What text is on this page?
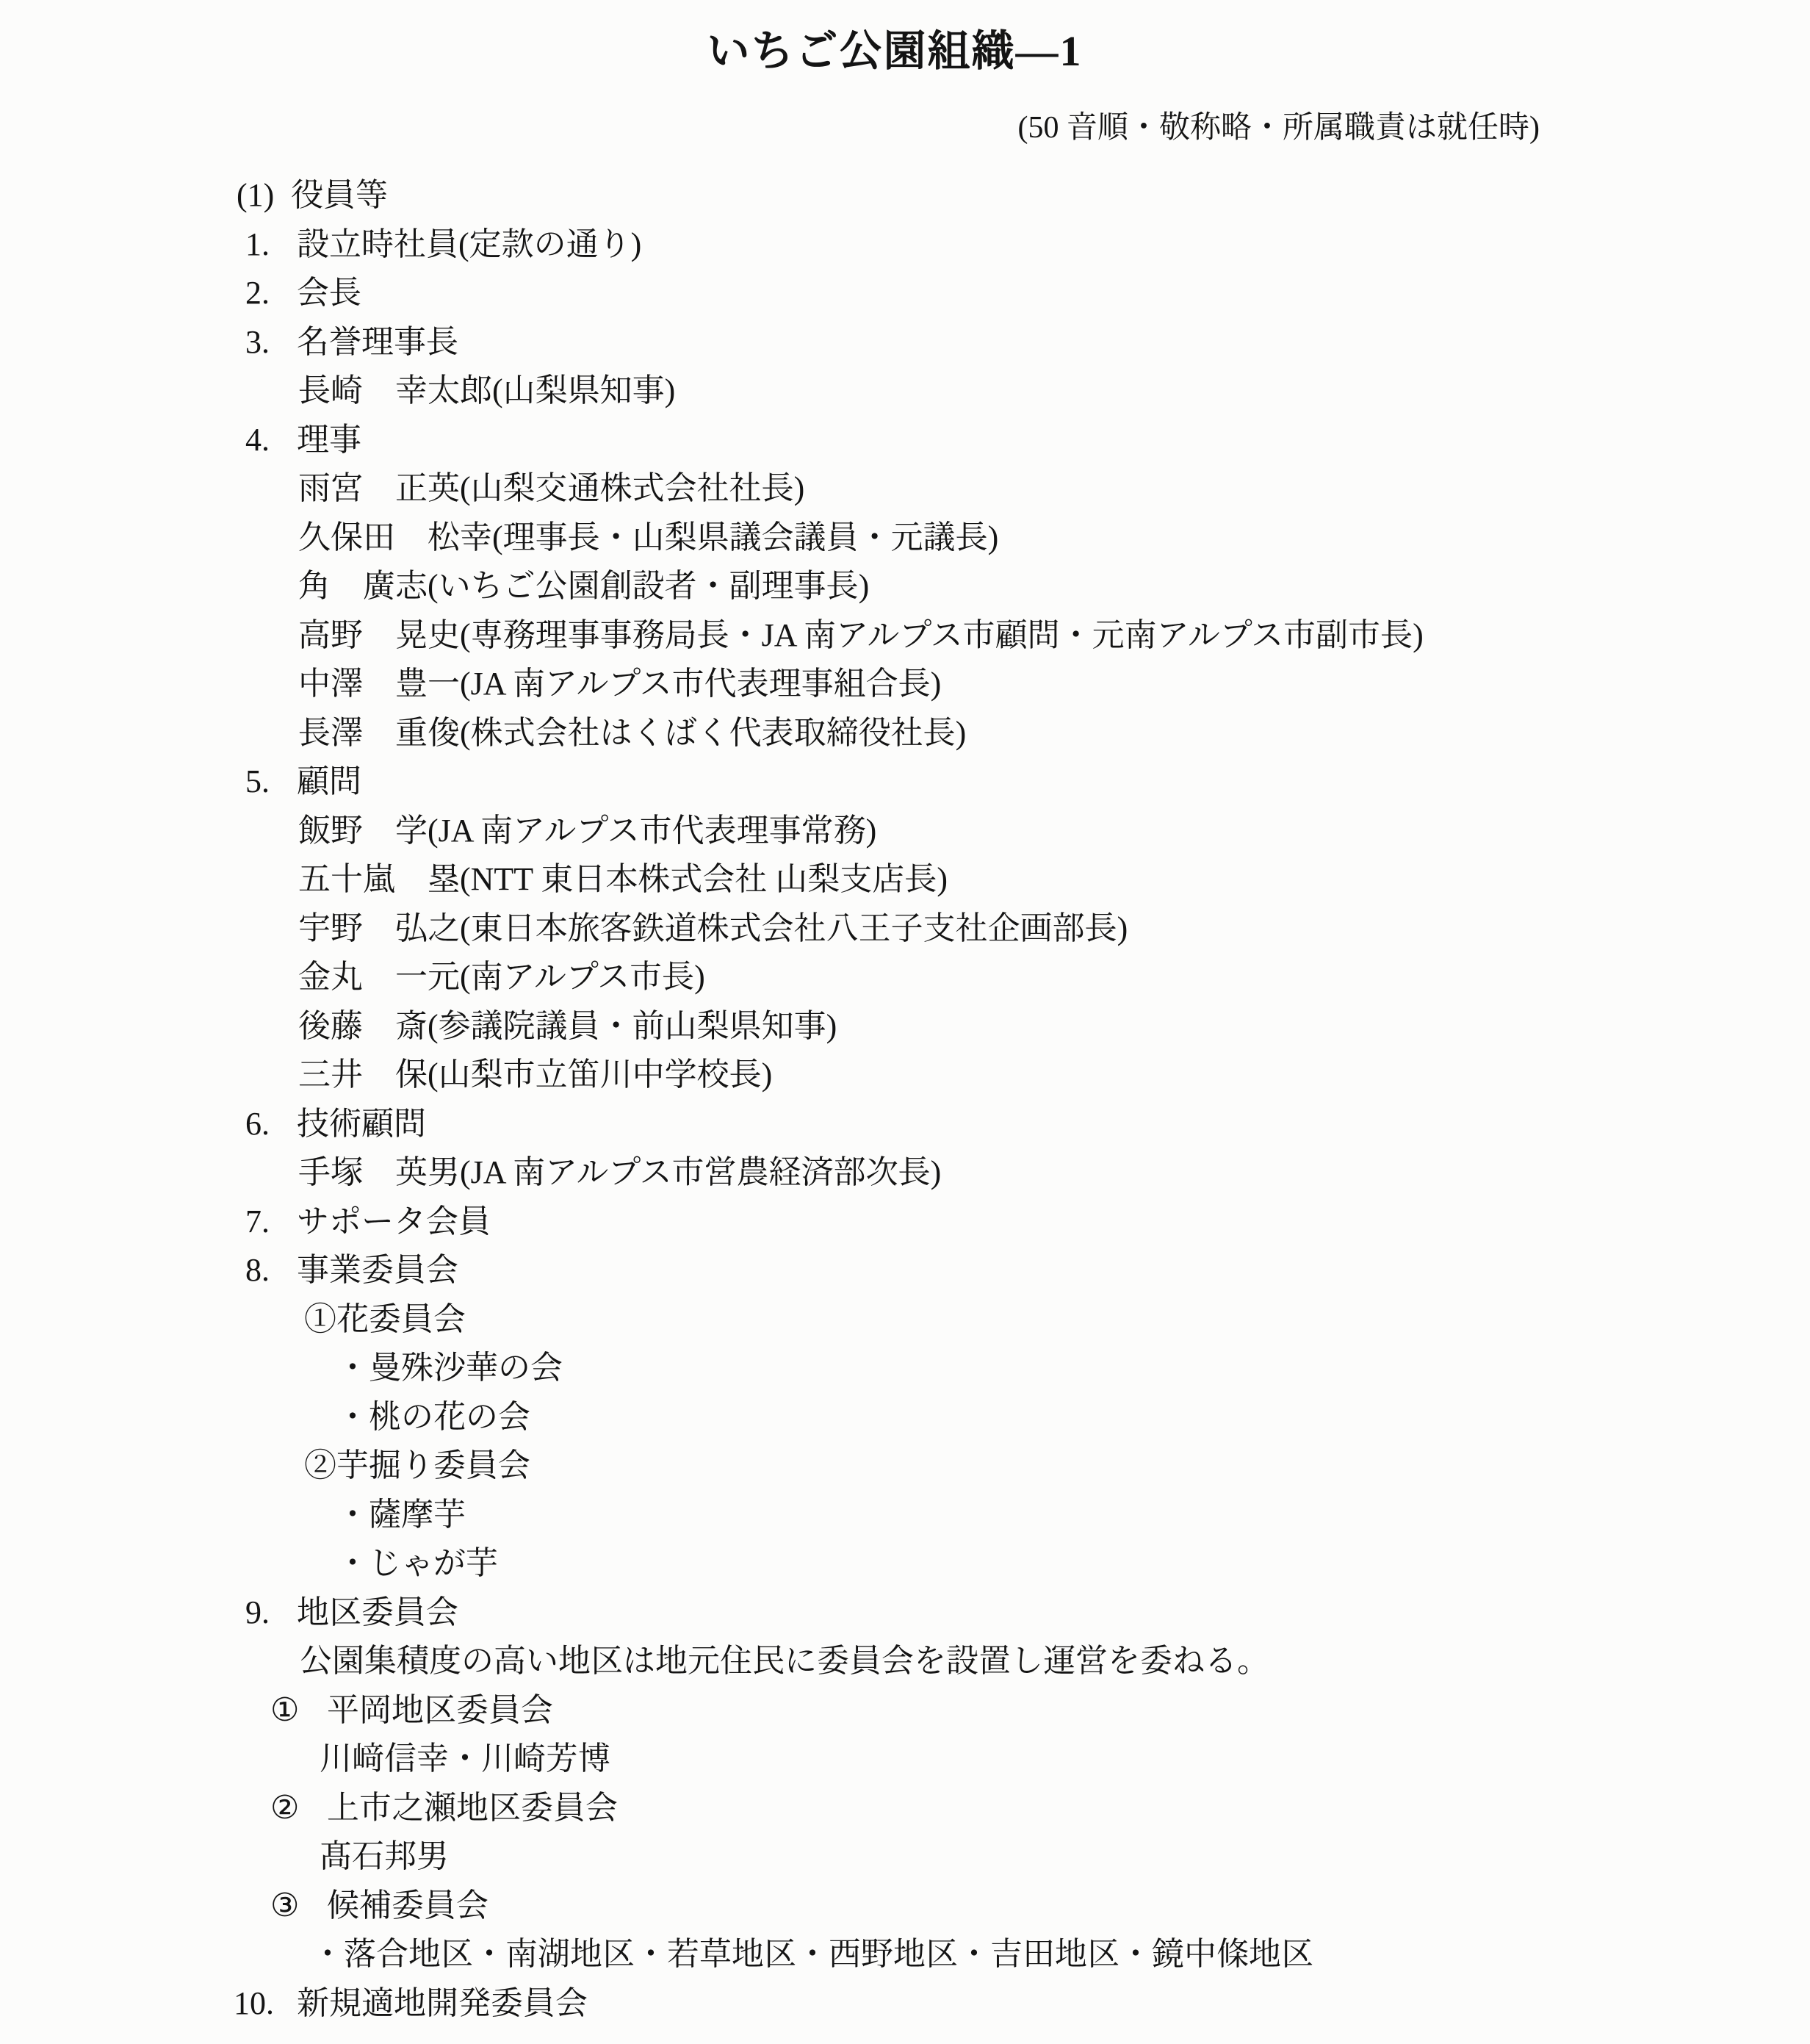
いちご公園組織―1
(50 音順・敬称略・所属職責は就任時)
(1) 役員等
1. 設立時社員(定款の通り)
2. 会長
3. 名誉理事長
長崎　幸太郎(山梨県知事)
4. 理事
雨宮　正英(山梨交通株式会社社長)
久保田　松幸(理事長・山梨県議会議員・元議長)
角　廣志(いちご公園創設者・副理事長)
高野　晃史(専務理事事務局長・JA 南アルプス市顧問・元南アルプス市副市長)
中澤　豊一(JA 南アルプス市代表理事組合長)
長澤　重俊(株式会社はくばく代表取締役社長)
5. 顧問
飯野　学(JA 南アルプス市代表理事常務)
五十嵐　塁(NTT 東日本株式会社 山梨支店長)
宇野　弘之(東日本旅客鉄道株式会社八王子支社企画部長)
金丸　一元(南アルプス市長)
後藤　斎(参議院議員・前山梨県知事)
三井　保(山梨市立笛川中学校長)
6. 技術顧問
手塚　英男(JA 南アルプス市営農経済部次長)
7. サポータ会員
8. 事業委員会
①花委員会
・曼殊沙華の会
・桃の花の会
②芋掘り委員会
・薩摩芋
・じゃが芋
9. 地区委員会
公園集積度の高い地区は地元住民に委員会を設置し運営を委ねる。
① 平岡地区委員会
川﨑信幸・川崎芳博
② 上市之瀬地区委員会
髙石邦男
③ 候補委員会
・落合地区・南湖地区・若草地区・西野地区・吉田地区・鏡中條地区
10. 新規適地開発委員会
